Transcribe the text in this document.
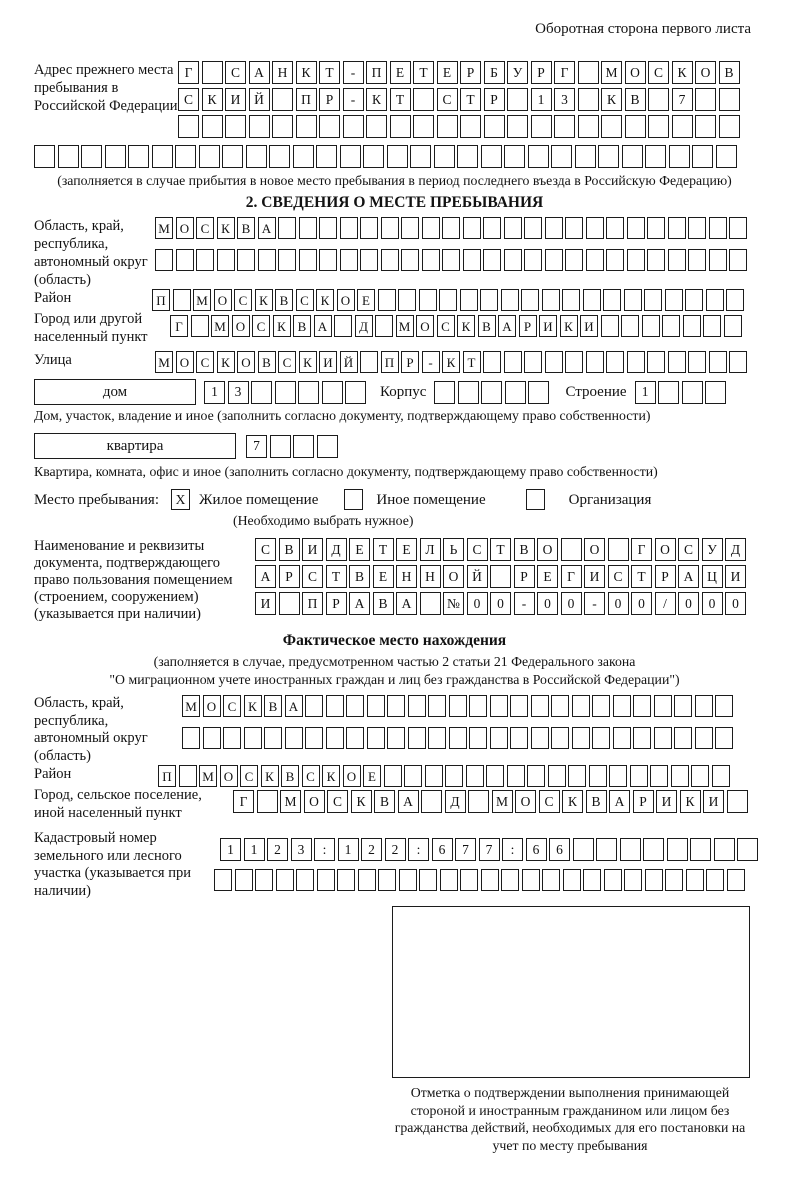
Оборотная сторона первого листа
Адрес прежнего места пребывания в Российской Федерации
Г	С	А	Н	К	Т	-	П	Е	Т	Е	Р	Б	У	Р	Г	М О	С	К	О	В
С	К	И	Й	П	Р	-	К	Т	С	Т	Р	1	3	К	В	7
(заполняется в случае прибытия в новое место пребывания в период последнего въезда в Российскую Федерацию)
2. СВЕДЕНИЯ О МЕСТЕ ПРЕБЫВАНИЯ
Область, край, республика, автономный округ (область)
М О С К В А
Район	П	М О С К В С К О Е
Город или другой населенный пункт
Г	М О С К В А	Д	М О С К В А Р И К И
Улица	М О С К О В С К И Й	П Р	-	К Т
дом	1	3	Корпус	Строение	1
Дом, участок, владение и иное (заполнить согласно документу, подтверждающему право собственности)
квартира	7
Квартира, комната, офис и иное (заполнить согласно документу, подтверждающему право собственности)
Место пребывания:	X Жилое помещение	Иное помещение	Организация
(Необходимо выбрать нужное)
Наименование и реквизиты документа, подтверждающего право пользования помещением (строением, сооружением) (указывается при наличии)
С	В	И	Д	Е	Т	Е	Л	Ь	С	Т	В	О	О	Г	О	С	У	Д
А	Р	С	Т	В	Е	Н	Н	О	Й	Р	Е	Г	И	С	Т	Р	А	Ц	И
И	П	Р	А	В	А	№	0	0	-	0	0	-	0	0	/	0	0	0
Фактическое место нахождения
(заполняется в случае, предусмотренном частью 2 статьи 21 Федерального закона
"О миграционном учете иностранных граждан и лиц без гражданства в Российской Федерации")
Область, край, республика, автономный округ (область)
М О С К В А
Район	П	М О С К В С К О Е
Город, сельское поселение, иной населенный пункт
Г	М О	С	К	В	А	Д	М О	С	К	В	А	Р	И	К	И
Кадастровый номер земельного или лесного участка (указывается при наличии)
1	1	2	3	:	1	2	2	:	6	7	7	:	6	6
Отметка о подтверждении выполнения принимающей стороной и иностранным гражданином или лицом без гражданства действий, необходимых для его постановки на учет по месту пребывания
